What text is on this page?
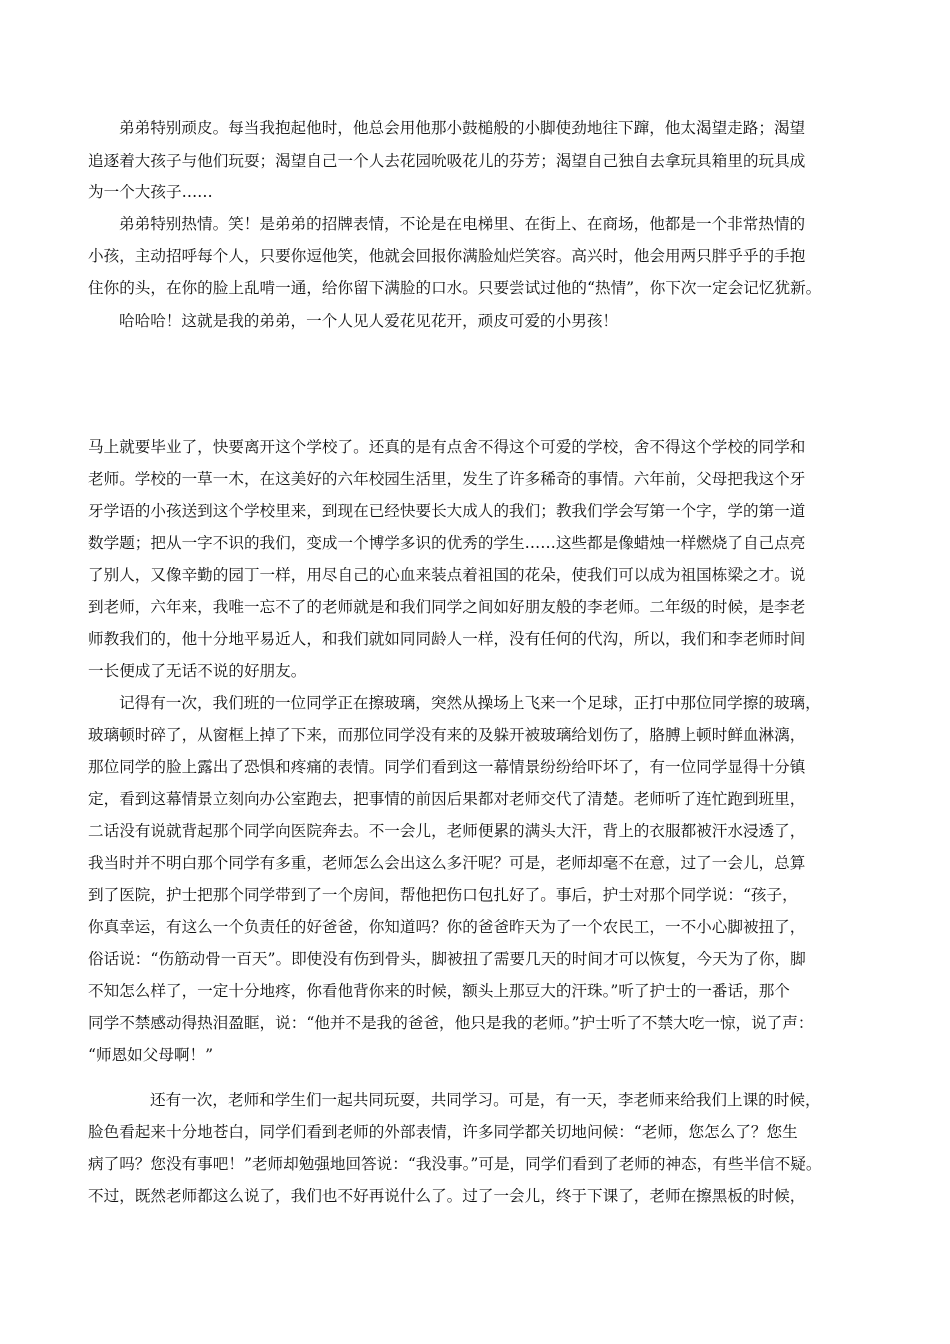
弟弟特别顽皮。每当我抱起他时，他总会用他那小鼓槌般的小脚使劲地往下蹿，他太渴望走路；渴望
追逐着大孩子与他们玩耍；渴望自己一个人去花园吮吸花儿的芬芳；渴望自己独自去拿玩具箱里的玩具成
为一个大孩子……
弟弟特别热情。笑！是弟弟的招牌表情，不论是在电梯里、在街上、在商场，他都是一个非常热情的
小孩，主动招呼每个人，只要你逗他笑，他就会回报你满脸灿烂笑容。高兴时，他会用两只胖乎乎的手抱
住你的头，在你的脸上乱啃一通，给你留下满脸的口水。只要尝试过他的“热情”，你下次一定会记忆犹新。
哈哈哈！这就是我的弟弟，一个人见人爱花见花开，顽皮可爱的小男孩！
马上就要毕业了，快要离开这个学校了。还真的是有点舍不得这个可爱的学校，舍不得这个学校的同学和
老师。学校的一草一木，在这美好的六年校园生活里，发生了许多稀奇的事情。六年前，父母把我这个牙
牙学语的小孩送到这个学校里来，到现在已经快要长大成人的我们；教我们学会写第一个字，学的第一道
数学题；把从一字不识的我们，变成一个博学多识的优秀的学生……这些都是像蜡烛一样燃烧了自己点亮
了别人，又像辛勤的园丁一样，用尽自己的心血来装点着祖国的花朵，使我们可以成为祖国栋梁之才。说
到老师，六年来，我唯一忘不了的老师就是和我们同学之间如好朋友般的李老师。二年级的时候，是李老
师教我们的，他十分地平易近人，和我们就如同同龄人一样，没有任何的代沟，所以，我们和李老师时间
一长便成了无话不说的好朋友。
记得有一次，我们班的一位同学正在擦玻璃，突然从操场上飞来一个足球，正打中那位同学擦的玻璃，
玻璃顿时碎了，从窗框上掉了下来，而那位同学没有来的及躲开被玻璃给划伤了，胳膊上顿时鲜血淋漓，
那位同学的脸上露出了恐惧和疼痛的表情。同学们看到这一幕情景纷纷给吓坏了，有一位同学显得十分镇
定，看到这幕情景立刻向办公室跑去，把事情的前因后果都对老师交代了清楚。老师听了连忙跑到班里，
二话没有说就背起那个同学向医院奔去。不一会儿，老师便累的满头大汗，背上的衣服都被汗水浸透了，
我当时并不明白那个同学有多重，老师怎么会出这么多汗呢？可是，老师却毫不在意，过了一会儿，总算
到了医院，护士把那个同学带到了一个房间，帮他把伤口包扎好了。事后，护士对那个同学说：“孩子，
你真幸运，有这么一个负责任的好爸爸，你知道吗？你的爸爸昨天为了一个农民工，一不小心脚被扭了，
俗话说：“伤筋动骨一百天”。即使没有伤到骨头，脚被扭了需要几天的时间才可以恢复，今天为了你，脚
不知怎么样了，一定十分地疼，你看他背你来的时候，额头上那豆大的汗珠。”听了护士的一番话，那个
同学不禁感动得热泪盈眶，说：“他并不是我的爸爸，他只是我的老师。”护士听了不禁大吃一惊，说了声：
“师恩如父母啊！”
还有一次，老师和学生们一起共同玩耍，共同学习。可是，有一天，李老师来给我们上课的时候，
脸色看起来十分地苍白，同学们看到老师的外部表情，许多同学都关切地问候：“老师，您怎么了？您生
病了吗？您没有事吧！”老师却勉强地回答说：“我没事。”可是，同学们看到了老师的神态，有些半信不疑。
不过，既然老师都这么说了，我们也不好再说什么了。过了一会儿，终于下课了，老师在擦黑板的时候，
